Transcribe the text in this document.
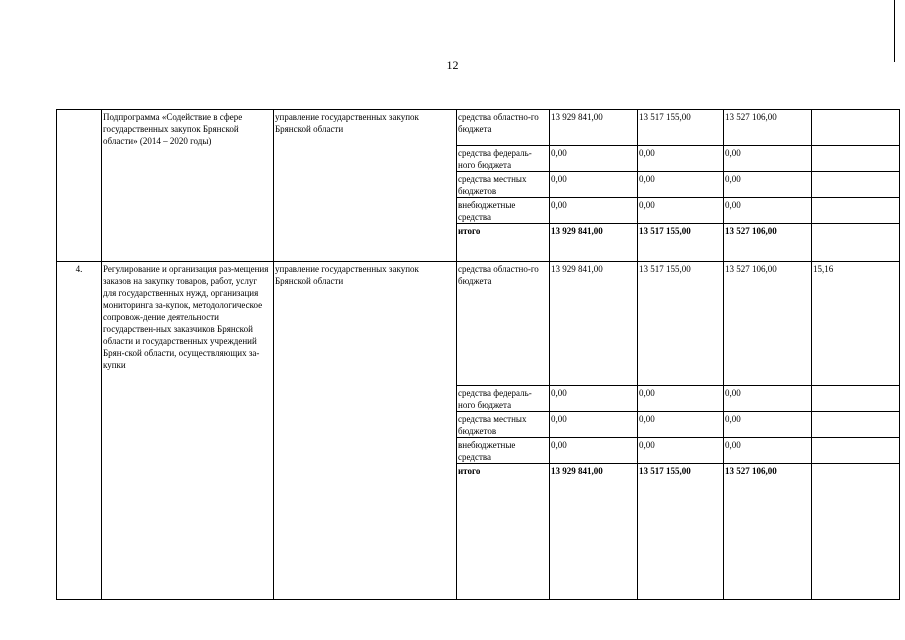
12
	Подпрограмма «Содействие в сфере государственных закупок Брянской области» (2014 – 2020 годы)	управление государственных закупок Брянской области	средства областно-го бюджета	13 929 841,00	13 517 155,00	13 527 106,00	
			средства федераль-ного бюджета	0,00	0,00	0,00	
			средства местных бюджетов	0,00	0,00	0,00	
			внебюджетные средства	0,00	0,00	0,00	
			итого	13 929 841,00	13 517 155,00	13 527 106,00	
4.	Регулирование и организация раз-мещения заказов на закупку товаров, работ, услуг для государственных нужд, организация мониторинга за-купок, методологическое сопровож-дение деятельности государствен-ных заказчиков Брянской области и государственных учреждений Брян-ской области, осуществляющих за-купки	управление государственных закупок Брянской области	средства областно-го бюджета	13 929 841,00	13 517 155,00	13 527 106,00	15,16
			средства федераль-ного бюджета	0,00	0,00	0,00	
			средства местных бюджетов	0,00	0,00	0,00	
			внебюджетные средства	0,00	0,00	0,00	
			итого	13 929 841,00	13 517 155,00	13 527 106,00	
